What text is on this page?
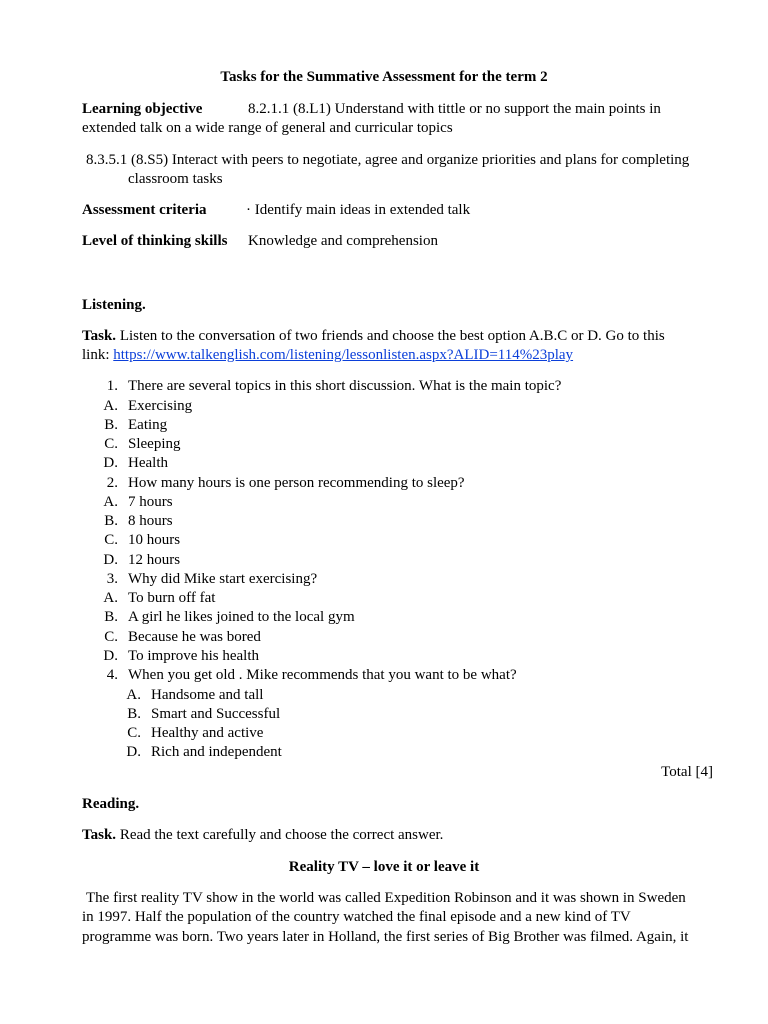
Tasks for the Summative Assessment for the term 2
Learning objective	8.2.1.1 (8.L1) Understand with tittle or no support the main points in
extended talk on a wide range of general and curricular topics
8.3.5.1 (8.S5) Interact with peers to negotiate, agree and organize priorities and plans for completing
classroom tasks
Assessment criteria	· Identify main ideas in extended talk
Level of thinking skills Knowledge and comprehension
Listening.
Task. Listen to the conversation of two friends and choose the best option A.B.C or D. Go to this
link: https://www.talkenglish.com/listening/lessonlisten.aspx?ALID=114%23play
1. There are several topics in this short discussion. What is the main topic?
A. Exercising
B. Eating
C. Sleeping
D. Health
2. How many hours is one person recommending to sleep?
A. 7 hours
B. 8 hours
C. 10 hours
D. 12 hours
3. Why did Mike start exercising?
A. To burn off fat
B. A girl he likes joined to the local gym
C. Because he was bored
D. To improve his health
4. When you get old . Mike recommends that you want to be what?
A. Handsome and tall
B. Smart and Successful
C. Healthy and active
D. Rich and independent
Total [4]
Reading.
Task. Read the text carefully and choose the correct answer.
Reality TV – love it or leave it
The first reality TV show in the world was called Expedition Robinson and it was shown in Sweden
in 1997. Half the population of the country watched the final episode and a new kind of TV
programme was born. Two years later in Holland, the first series of Big Brother was filmed. Again, it
